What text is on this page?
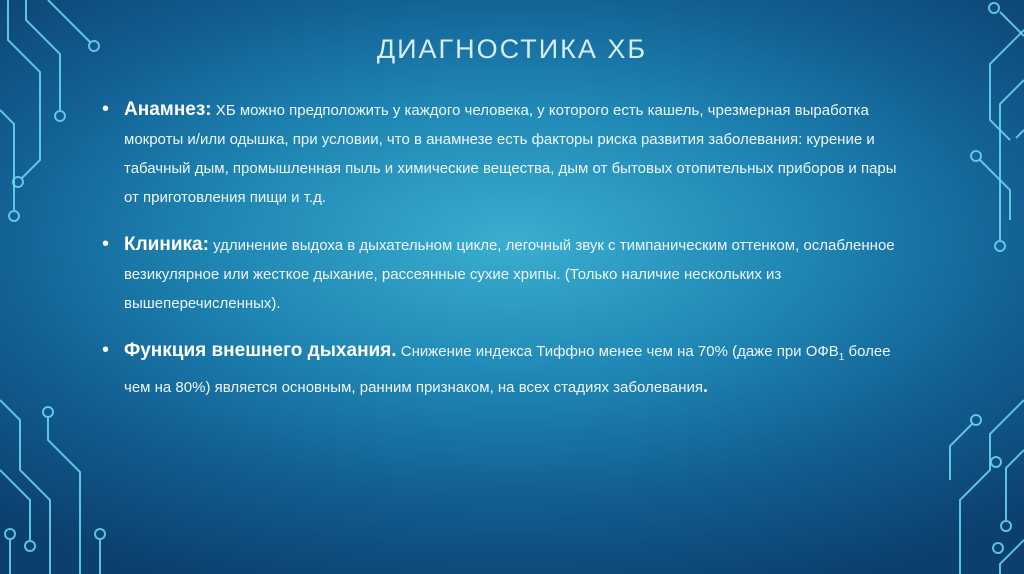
ДИАГНОСТИКА ХБ
• Анамнез: ХБ можно предположить у каждого человека, у которого есть кашель, чрезмерная выработка мокроты и/или одышка, при условии, что в анамнезе есть факторы риска развития заболевания: курение и табачный дым, промышленная пыль и химические вещества, дым от бытовых отопительных приборов и пары от приготовления пищи и т.д.
• Клиника: удлинение выдоха в дыхательном цикле, легочный звук с тимпаническим оттенком, ослабленное везикулярное или жесткое дыхание, рассеянные сухие хрипы. (Только наличие нескольких из вышеперечисленных).
• Функция внешнего дыхания. Снижение индекса Тиффно менее чем на 70% (даже при $ОФВ_1$ более чем на 80%) является основным, ранним признаком, на всех стадиях заболевания.
